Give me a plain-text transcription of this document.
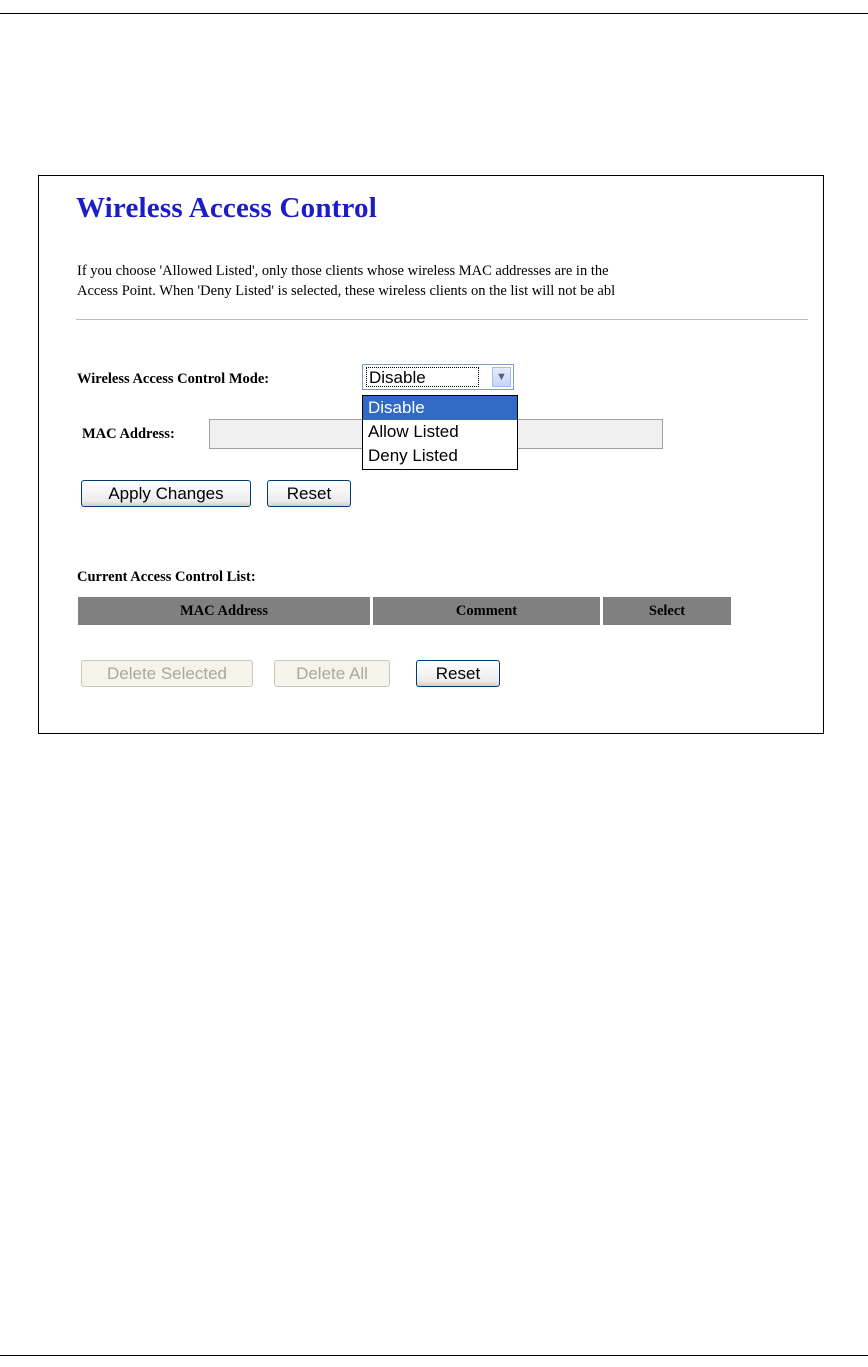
Wireless Access Control
If you choose 'Allowed Listed', only those clients whose wireless MAC addresses are in the
Access Point. When 'Deny Listed' is selected, these wireless clients on the list will not be abl
Wireless Access Control Mode:	Disable	▼
MAC Address:
Disable
Allow Listed
Deny Listed
Apply Changes	Reset
Current Access Control List:
MAC Address	Comment	Select
Delete Selected	Delete All	Reset
